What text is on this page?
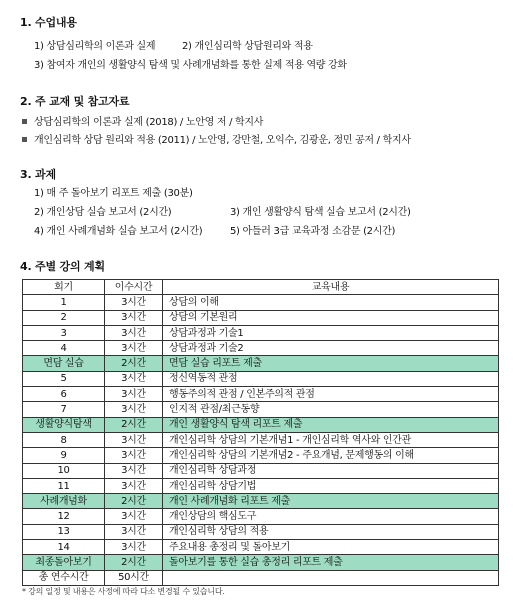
1. 수업내용
1) 상담심리학의 이론과 실제	2) 개인심리학 상담원리와 적용
3) 참여자 개인의 생활양식 탐색 및 사례개념화를 통한 실제 적용 역량 강화
2. 주 교재 및 참고자료
상담심리학의 이론과 실제 (2018) / 노안영 저 / 학지사
개인심리학 상담 원리와 적용 (2011) / 노안영, 강만철, 오익수, 김광운, 정민 공저 / 학지사
3. 과제
1) 매 주 돌아보기 리포트 제출 (30분)
2) 개인상담 실습 보고서 (2시간)	3) 개인 생활양식 탐색 실습 보고서 (2시간)
4) 개인 사례개념화 실습 보고서 (2시간)	5) 아들러 3급 교육과정 소감문 (2시간)
4. 주별 강의 계획
회기	이수시간	교육내용
1	3시간	상담의 이해
2	3시간	상담의 기본원리
3	3시간	상담과정과 기술1
4	3시간	상담과정과 기술2
면담 실습	2시간	면담 실습 리포트 제출
5	3시간	정신역동적 관점
6	3시간	행동주의적 관점 / 인본주의적 관점
7	3시간	인지적 관점/최근동향
생활양식탐색	2시간	개인 생활양식 탐색 리포트 제출
8	3시간	개인심리학 상담의 기본개념1 - 개인심리학 역사와 인간관
9	3시간	개인심리학 상담의 기본개념2 - 주요개념, 문제행동의 이해
10	3시간	개인심리학 상담과정
11	3시간	개인심리학 상담기법
사례개념화	2시간	개인 사례개념화 리포트 제출
12	3시간	개인상담의 핵심도구
13	3시간	개인심리학 상담의 적용
14	3시간	주요내용 총정리 및 돌아보기
최종돌아보기	2시간	돌아보기를 통한 실습 총정리 리포트 제출
총 연수시간	50시간	
* 강의 일정 및 내용은 사정에 따라 다소 변경될 수 있습니다.
